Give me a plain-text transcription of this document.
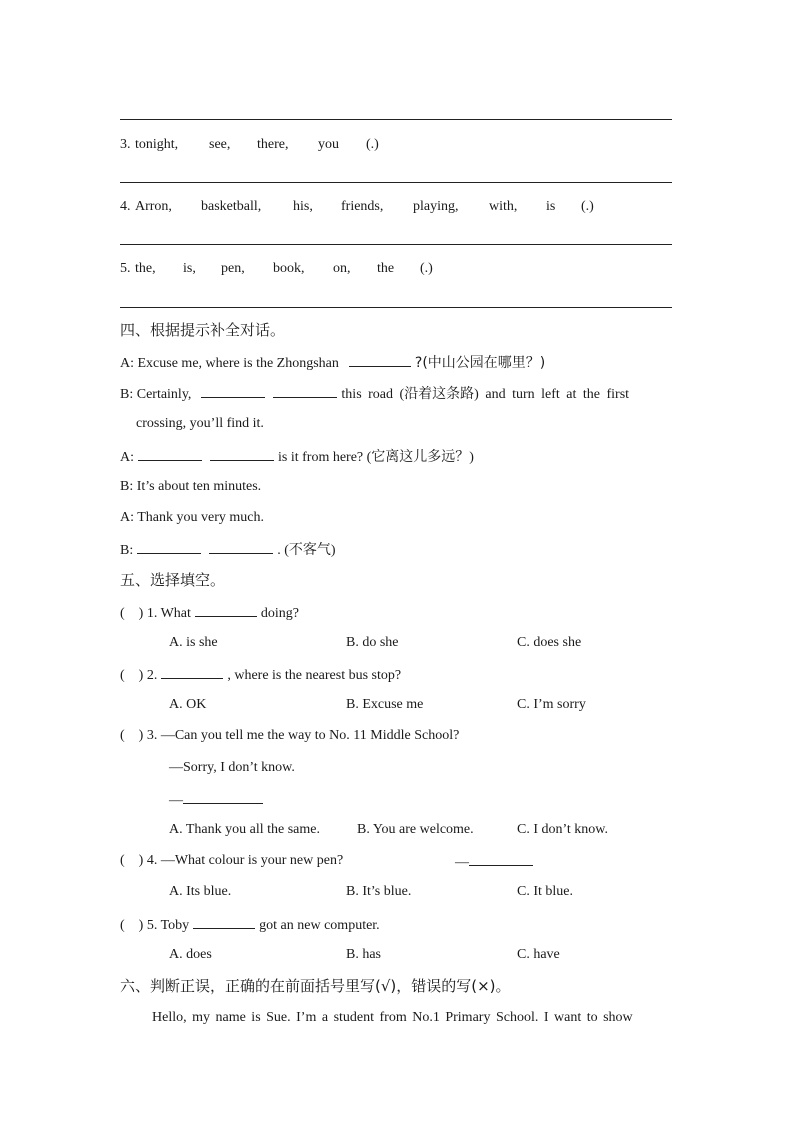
3. tonight, see, there, you (.)
4. Arron, basketball, his, friends, playing, with, is (.)
5. the, is, pen, book, on, the (.)
四、根据提示补全对话。
A: Excuse me, where is the Zhongshan	?(中山公园在哪里？)
B: Certainly,	this road (沿着这条路) and turn left at the first
crossing, you’ll find it.
A:	is it from here? (它离这儿多远？)
B: It’s about ten minutes.
A: Thank you very much.
B:	. (不客气)
五、选择填空。
(　) 1. What	doing?
A. is she	B. do she	C. does she
(　) 2.	, where is the nearest bus stop?
A. OK	B. Excuse me	C. I’m sorry
(　) 3. —Can you tell me the way to No. 11 Middle School?
—Sorry, I don’t know.
—
A. Thank you all the same.	B. You are welcome.	C. I don’t know.
(　) 4. —What colour is your new pen?	—
A. Its blue.	B. It’s blue.	C. It blue.
(　) 5. Toby	got an new computer.
A. does	B. has	C. have
六、判断正误，正确的在前面括号里写(√)，错误的写(×)。
Hello, my name is Sue. I’m a student from No.1 Primary School. I want to show
